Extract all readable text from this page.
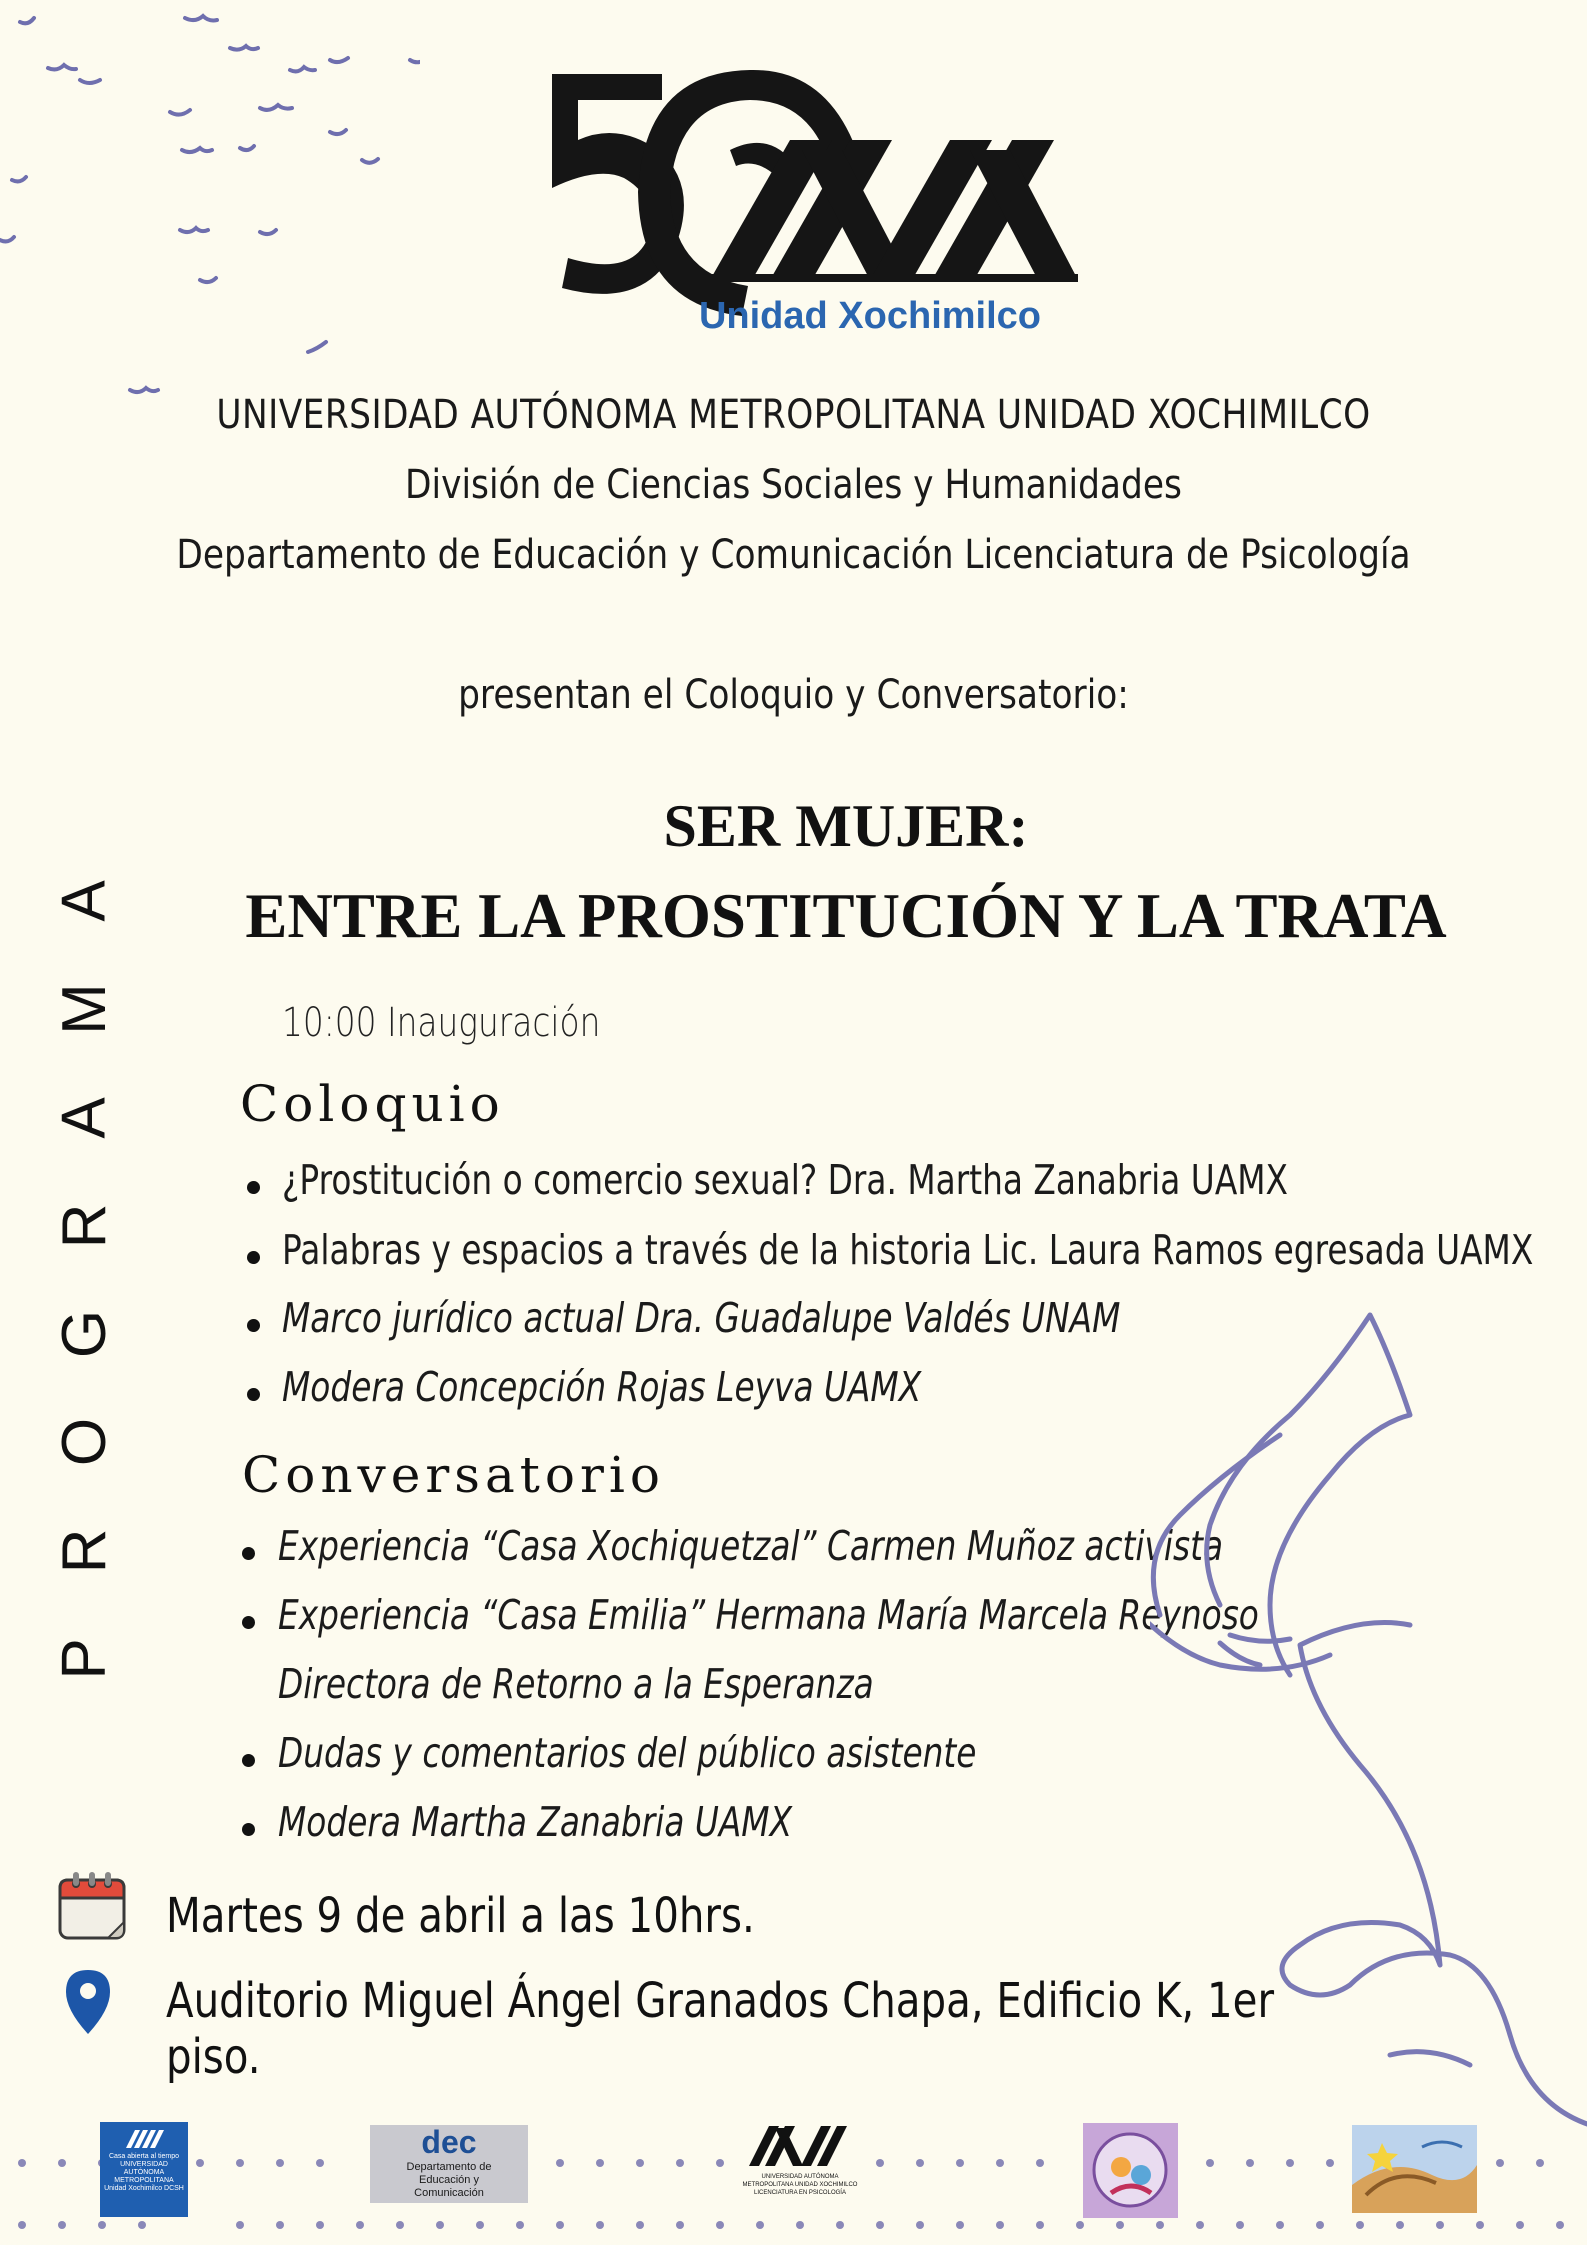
Unidad Xochimilco
UNIVERSIDAD AUTÓNOMA METROPOLITANA UNIDAD XOCHIMILCO
División de Ciencias Sociales y Humanidades
Departamento de Educación y Comunicación Licenciatura de Psicología
presentan el Coloquio y Conversatorio:
SER MUJER:
ENTRE LA PROSTITUCIÓN Y LA TRATA
A
M
A
R
G
O
R
P
10:00 Inauguración
Coloquio
¿Prostitución o comercio sexual? Dra. Martha Zanabria UAMX
Palabras y espacios a través de la historia Lic. Laura Ramos egresada UAMX
Marco jurídico actual Dra. Guadalupe Valdés UNAM
Modera Concepción Rojas Leyva UAMX
Conversatorio
Experiencia “Casa Xochiquetzal” Carmen Muñoz activista
Experiencia “Casa Emilia” Hermana María Marcela Reynoso
Directora de Retorno a la Esperanza
Dudas y comentarios del público asistente
Modera Martha Zanabria UAMX
Martes 9 de abril a las 10hrs.
Auditorio Miguel Ángel Granados Chapa, Edificio K, 1er piso.
Casa abierta al tiempo UNIVERSIDAD AUTÓNOMA METROPOLITANA Unidad Xochimilco DCSH
dec
Departamento de Educación y Comunicación
UNIVERSIDAD AUTÓNOMA METROPOLITANA UNIDAD XOCHIMILCO LICENCIATURA EN PSICOLOGÍA
